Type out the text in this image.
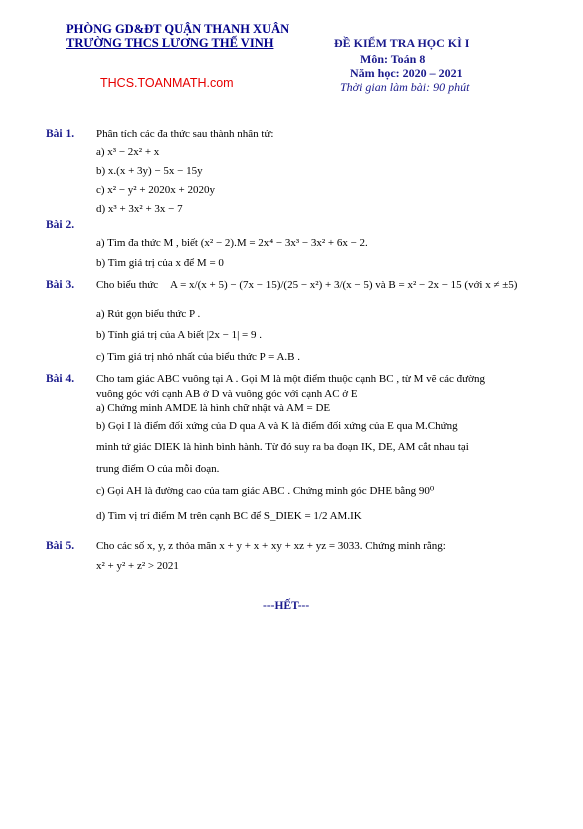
PHÒNG GD&ĐT QUẬN THANH XUÂN
TRƯỜNG THCS LƯƠNG THẾ VINH	ĐỀ KIỂM TRA HỌC KÌ I
Môn: Toán 8
Năm học: 2020 – 2021
Thời gian làm bài: 90 phút
THCS.TOANMATH.com
Bài 1. Phân tích các đa thức sau thành nhân tử:
a) x³ − 2x² + x
b) x.(x + 3y) − 5x − 15y
c) x² − y² + 2020x + 2020y
d) x³ + 3x² + 3x − 7
Bài 2.
a) Tìm đa thức M , biết (x² − 2).M = 2x⁴ − 3x³ − 3x² + 6x − 2.
b) Tìm giá trị của x để M = 0
Bài 3. Cho biểu thức A = x/(x + 5) − (7x − 15)/(25 − x²) + 3/(x − 5) và B = x² − 2x − 15 (với x ≠ ±5)
a) Rút gọn biểu thức P .
b) Tính giá trị của A biết |2x − 1| = 9 .
c) Tìm giá trị nhỏ nhất của biểu thức P = A.B .
Bài 4. Cho tam giác ABC vuông tại A . Gọi M là một điểm thuộc cạnh BC , từ M vẽ các đường
vuông góc với cạnh AB ở D và vuông góc với cạnh AC ở E
a) Chứng minh AMDE là hình chữ nhật và AM = DE
b) Gọi I là điểm đối xứng của D qua A và K là điểm đối xứng của E qua M.Chứng
minh tứ giác DIEK là hình bình hành. Từ đó suy ra ba đoạn IK, DE, AM cắt nhau tại
trung điểm O của mỗi đoạn.
c) Gọi AH là đường cao của tam giác ABC . Chứng minh góc DHE bằng 90⁰
d) Tìm vị trí điểm M trên cạnh BC để S_DIEK = 1/2 AM.IK
Bài 5. Cho các số x, y, z thỏa mãn x + y + x + xy + xz + yz = 3033. Chứng minh rằng:
x² + y² + z² > 2021
---HẾT---
